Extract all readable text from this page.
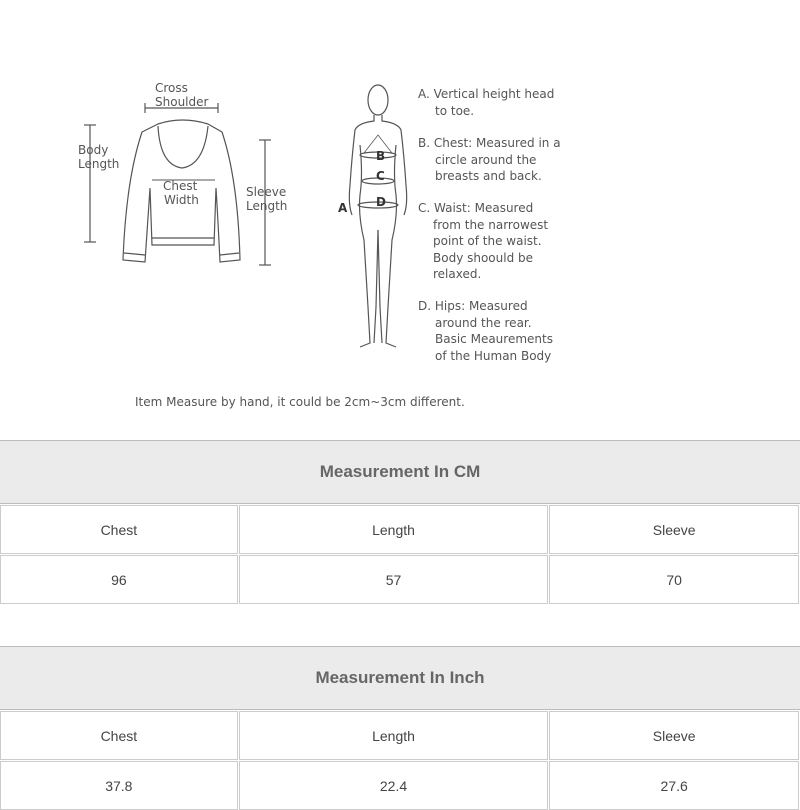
Cross
Shoulder
Body
Length
Chest
Width
Sleeve
Length	A
B
C
D
A. Vertical height head
to toe.
B. Chest: Measured in a
circle around the
breasts and back.
C. Waist: Measured
from the narrowest
point of the waist.
Body shoould be
relaxed.
D. Hips: Measured
around the rear.
Basic Meaurements
of the Human Body
Item Measure by hand, it could be 2cm~3cm different.
Measurement In CM
Chest	Length	Sleeve
96	57	70
Measurement In Inch
Chest	Length	Sleeve
37.8	22.4	27.6
